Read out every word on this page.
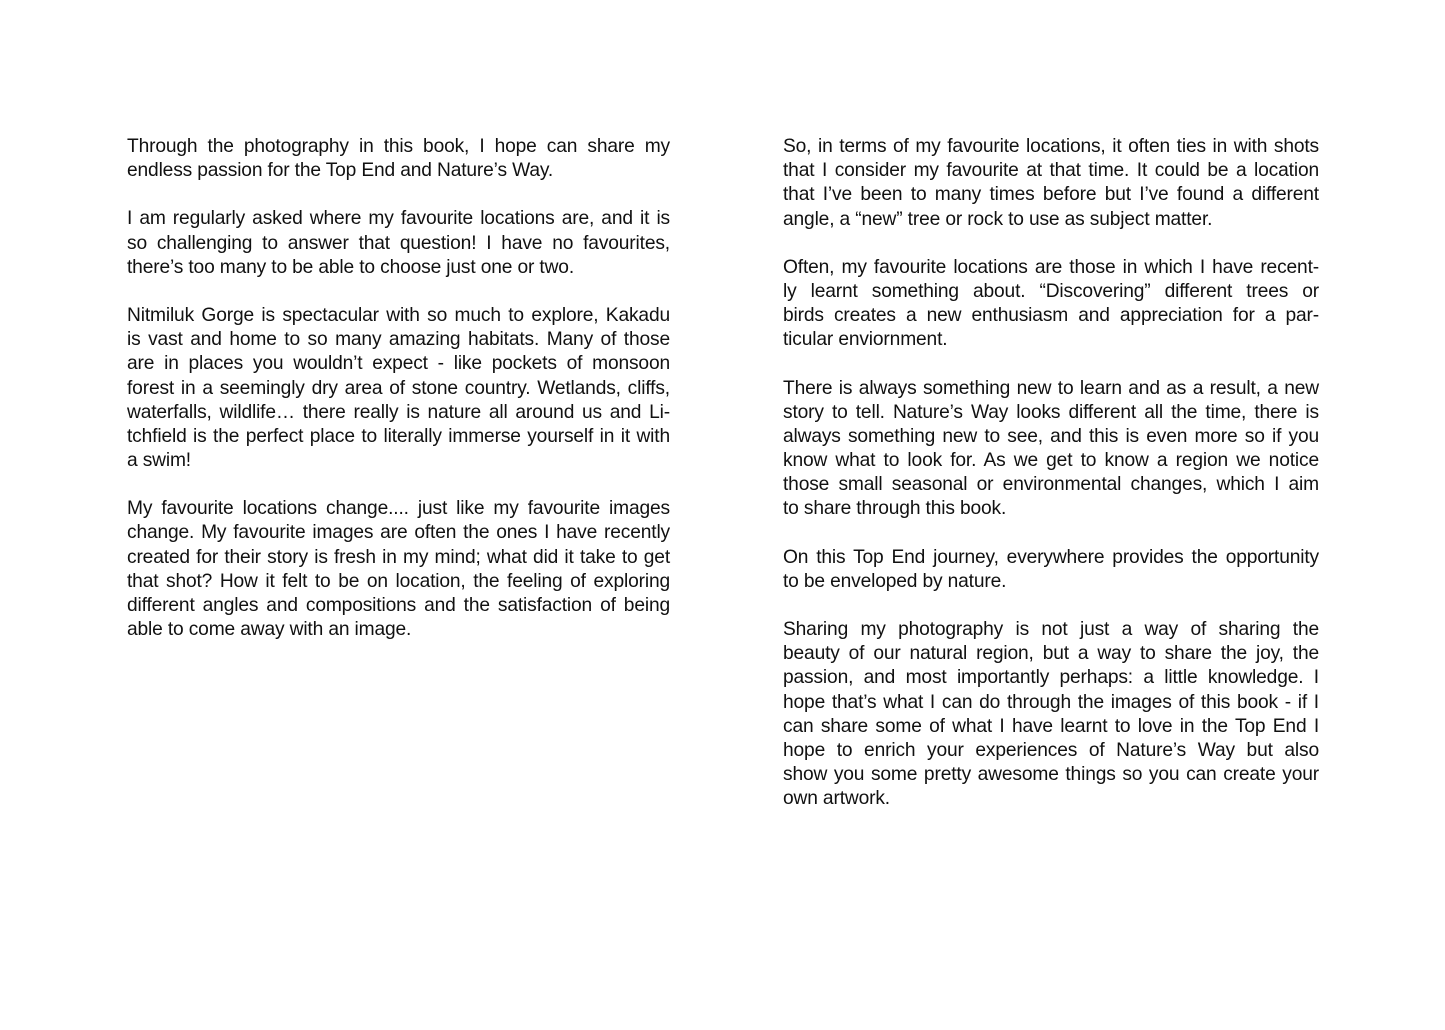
Through the photography in this book, I hope can share my
endless passion for the Top End and Nature’s Way.

I am regularly asked where my favourite locations are, and it is
so challenging to answer that question! I have no favourites,
there’s too many to be able to choose just one or two.

Nitmiluk Gorge is spectacular with so much to explore, Kakadu
is vast and home to so many amazing habitats. Many of those
are in places you wouldn’t expect - like pockets of monsoon
forest in a seemingly dry area of stone country. Wetlands, cliffs,
waterfalls, wildlife… there really is nature all around us and Li-
tchfield is the perfect place to literally immerse yourself in it with
a swim!

My favourite locations change.... just like my favourite images
change. My favourite images are often the ones I have recently
created for their story is fresh in my mind; what did it take to get
that shot? How it felt to be on location, the feeling of exploring
different angles and compositions and the satisfaction of being
able to come away with an image.

So, in terms of my favourite locations, it often ties in with shots
that I consider my favourite at that time. It could be a location
that I’ve been to many times before but I’ve found a different
angle, a “new” tree or rock to use as subject matter.

Often, my favourite locations are those in which I have recent-
ly learnt something about. “Discovering” different trees or
birds creates a new enthusiasm and appreciation for a par-
ticular enviornment.

There is always something new to learn and as a result, a new
story to tell. Nature’s Way looks different all the time, there is
always something new to see, and this is even more so if you
know what to look for. As we get to know a region we notice
those small seasonal or environmental changes, which I aim
to share through this book.

On this Top End journey, everywhere provides the opportunity
to be enveloped by nature.

Sharing my photography is not just a way of sharing the
beauty of our natural region, but a way to share the joy, the
passion, and most importantly perhaps: a little knowledge. I
hope that’s what I can do through the images of this book - if I
can share some of what I have learnt to love in the Top End I
hope to enrich your experiences of Nature’s Way but also
show you some pretty awesome things so you can create your
own artwork.
